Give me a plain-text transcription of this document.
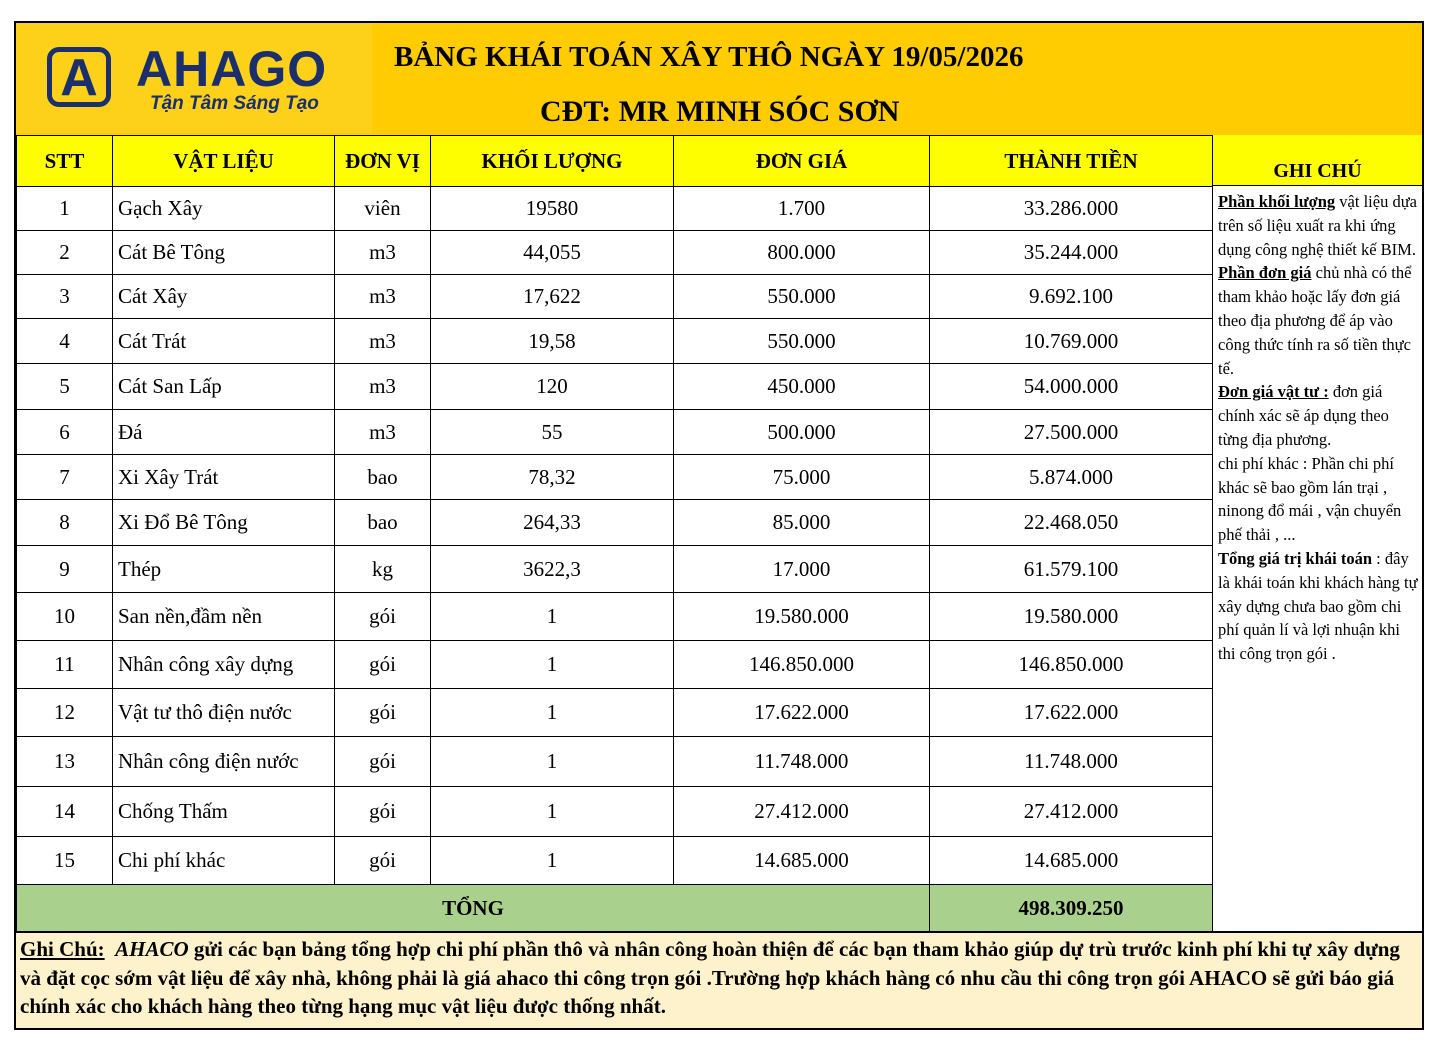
A AHAGO
Tận Tâm Sáng Tạo
BẢNG KHÁI TOÁN XÂY THÔ NGÀY 19/05/2026
CĐT: MR MINH SÓC SƠN
STT	VẬT LIỆU	ĐƠN VỊ	KHỐI LƯỢNG	ĐƠN GIÁ	THÀNH TIỀN
1	Gạch Xây	viên	19580	1.700	33.286.000
2	Cát Bê Tông	m3	44,055	800.000	35.244.000
3	Cát Xây	m3	17,622	550.000	9.692.100
4	Cát Trát	m3	19,58	550.000	10.769.000
5	Cát San Lấp	m3	120	450.000	54.000.000
6	Đá	m3	55	500.000	27.500.000
7	Xi Xây Trát	bao	78,32	75.000	5.874.000
8	Xi Đổ Bê Tông	bao	264,33	85.000	22.468.050
9	Thép	kg	3622,3	17.000	61.579.100
10	San nền,đầm nền	gói	1	19.580.000	19.580.000
11	Nhân công xây dựng	gói	1	146.850.000	146.850.000
12	Vật tư thô điện nước	gói	1	17.622.000	17.622.000
13	Nhân công điện nước	gói	1	11.748.000	11.748.000
14	Chống Thấm	gói	1	27.412.000	27.412.000
15	Chi phí khác	gói	1	14.685.000	14.685.000
TỔNG					498.309.250
GHI CHÚ
Phần khối lượng vật liệu dựa trên số liệu xuất ra khi ứng dụng công nghệ thiết kế BIM.
Phần đơn giá chủ nhà có thể tham khảo hoặc lấy đơn giá theo địa phương để áp vào công thức tính ra số tiền thực tế.
Đơn giá vật tư : đơn giá chính xác sẽ áp dụng theo từng địa phương.
chi phí khác : Phần chi phí khác sẽ bao gồm lán trại , ninong đổ mái , vận chuyển phế thải , ...
Tổng giá trị khái toán : đây là khái toán khi khách hàng tự xây dựng chưa bao gồm chi phí quản lí và lợi nhuận khi thi công trọn gói .
Ghi Chú: AHACO gửi các bạn bảng tổng hợp chi phí phần thô và nhân công hoàn thiện để các bạn tham khảo giúp dự trù trước kinh phí khi tự xây dựng và đặt cọc sớm vật liệu để xây nhà, không phải là giá ahaco thi công trọn gói .Trường hợp khách hàng có nhu cầu thi công trọn gói AHACO sẽ gửi báo giá chính xác cho khách hàng theo từng hạng mục vật liệu được thống nhất.
